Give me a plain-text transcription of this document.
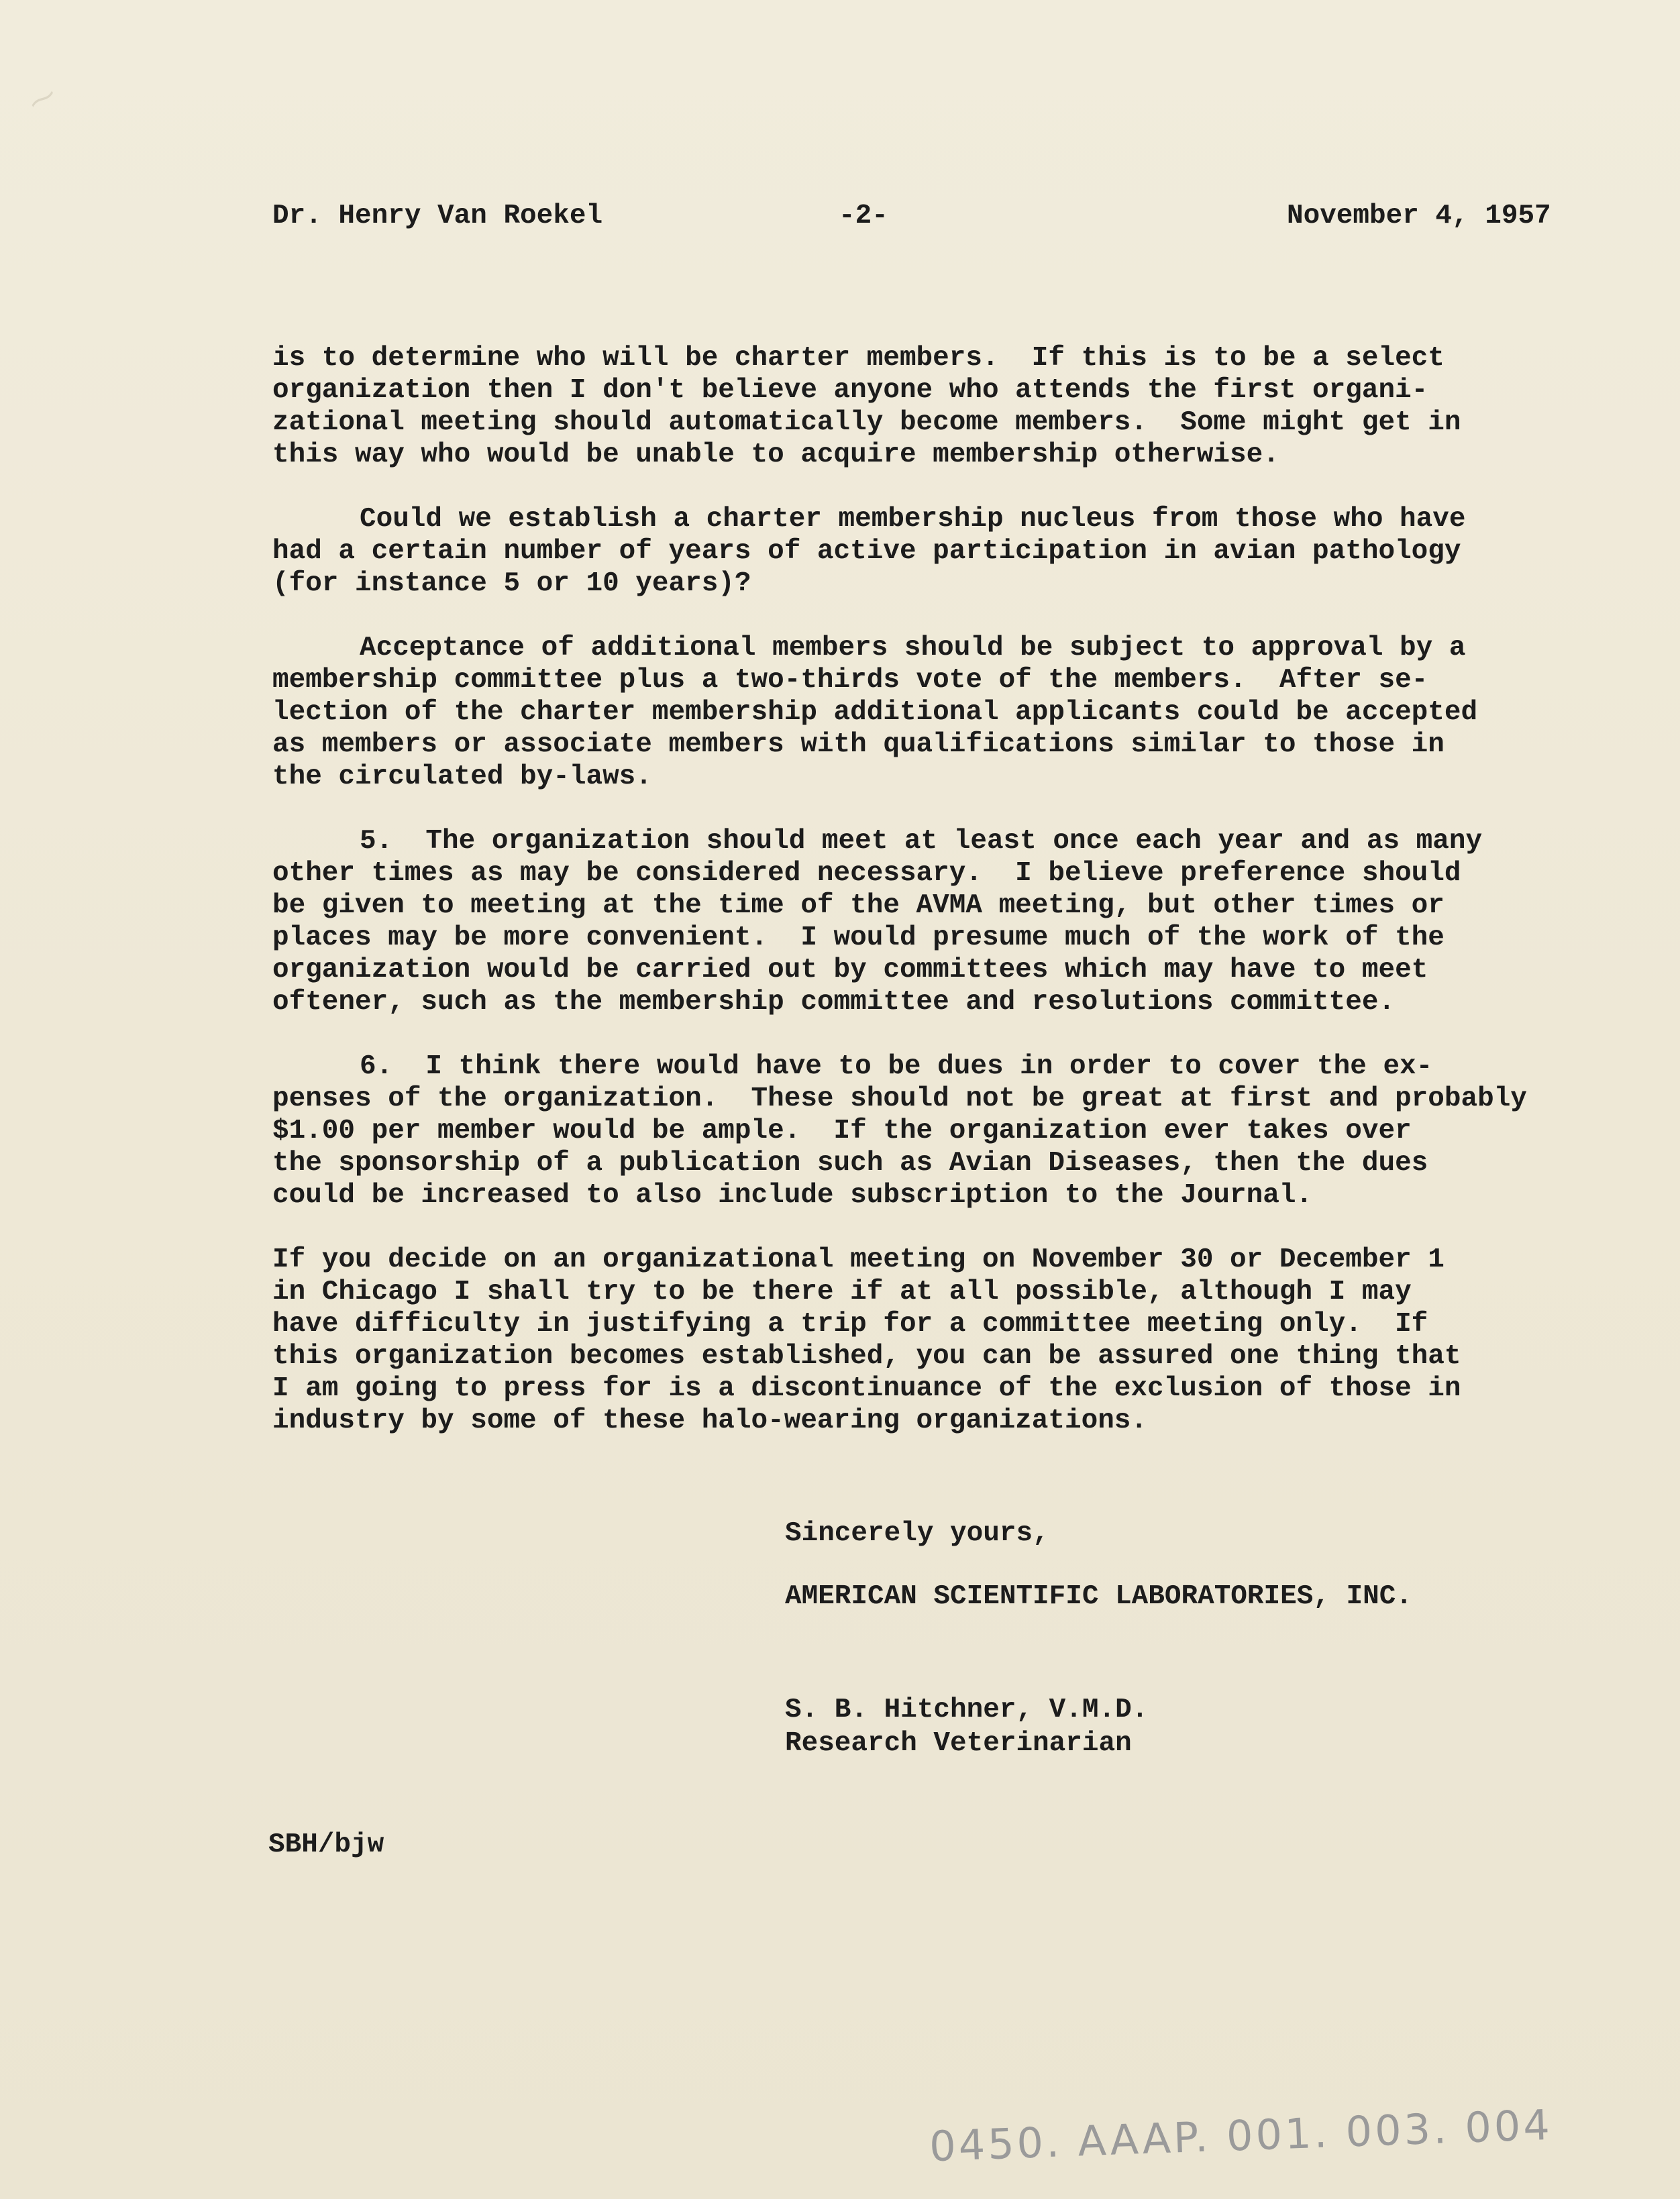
⁓
Dr. Henry Van Roekel	-2-	November 4, 1957
is to determine who will be charter members.  If this is to be a select
organization then I don't believe anyone who attends the first organi-
zational meeting should automatically become members.  Some might get in
this way who would be unable to acquire membership otherwise.
Could we establish a charter membership nucleus from those who have
had a certain number of years of active participation in avian pathology
(for instance 5 or 10 years)?
Acceptance of additional members should be subject to approval by a
membership committee plus a two-thirds vote of the members.  After se-
lection of the charter membership additional applicants could be accepted
as members or associate members with qualifications similar to those in
the circulated by-laws.
5.  The organization should meet at least once each year and as many
other times as may be considered necessary.  I believe preference should
be given to meeting at the time of the AVMA meeting, but other times or
places may be more convenient.  I would presume much of the work of the
organization would be carried out by committees which may have to meet
oftener, such as the membership committee and resolutions committee.
6.  I think there would have to be dues in order to cover the ex-
penses of the organization.  These should not be great at first and probably
$1.00 per member would be ample.  If the organization ever takes over
the sponsorship of a publication such as Avian Diseases, then the dues
could be increased to also include subscription to the Journal.
If you decide on an organizational meeting on November 30 or December 1
in Chicago I shall try to be there if at all possible, although I may
have difficulty in justifying a trip for a committee meeting only.  If
this organization becomes established, you can be assured one thing that
I am going to press for is a discontinuance of the exclusion of those in
industry by some of these halo-wearing organizations.
Sincerely yours,
AMERICAN SCIENTIFIC LABORATORIES, INC.
S. B. Hitchner, V.M.D.
Research Veterinarian
SBH/bjw
0450. AAAP. 001. 003. 004
